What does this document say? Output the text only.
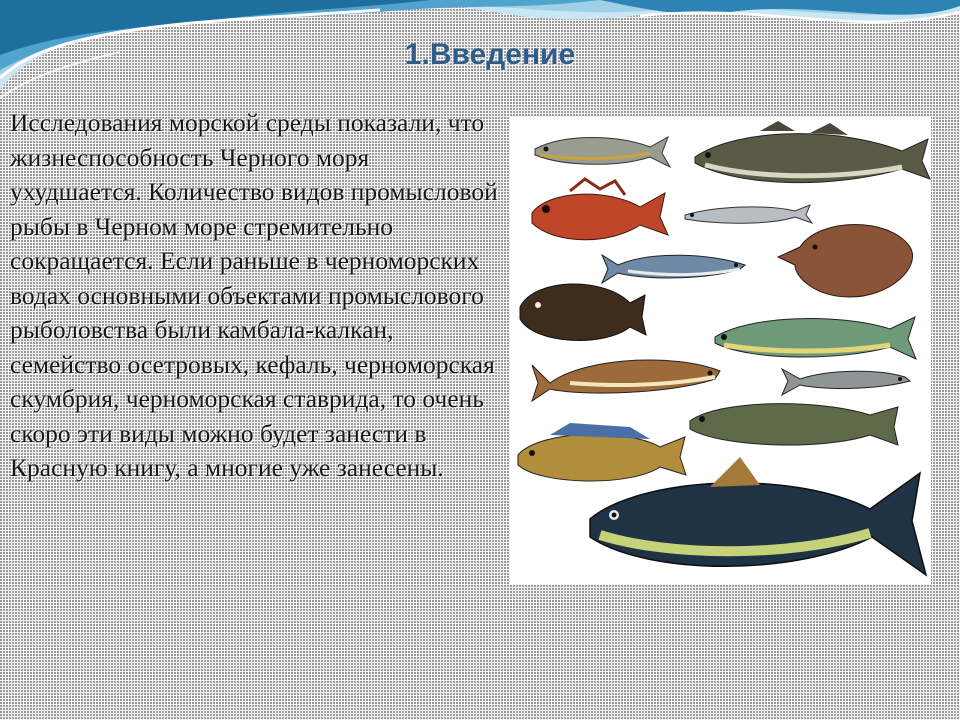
1.Введение
Исследования морской среды показали, что жизнеспособность Черного моря ухудшается. Количество видов промысловой рыбы в Черном море стремительно сокращается. Если раньше в черноморских водах основными объектами промыслового рыболовства были камбала-калкан, семейство осетровых, кефаль, черноморская скумбрия, черноморская ставрида, то очень скоро эти виды можно будет занести в Красную книгу, а многие уже занесены.
